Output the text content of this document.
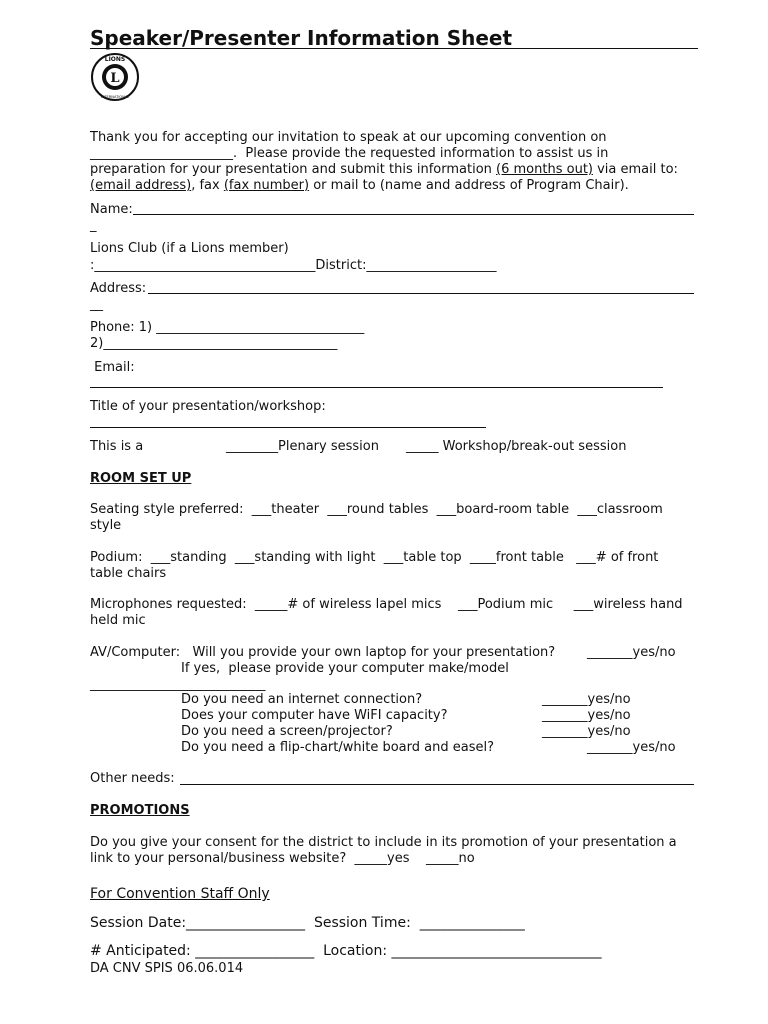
Speaker/Presenter Information Sheet
L
LIONS
INTERNATIONAL
Thank you for accepting our invitation to speak at our upcoming convention on
______________________.  Please provide the requested information to assist us in
preparation for your presentation and submit this information (6 months out) via email to:
(email address), fax (fax number) or mail to (name and address of Program Chair).
Name:
_
Lions Club (if a Lions member)
:__________________________________District:____________________
Address:
__
Phone: 1) ________________________________
2)____________________________________
Email:
Title of your presentation/workshop:
This is a	________Plenary session _____ Workshop/break-out session
ROOM SET UP
Seating style preferred:  ___theater  ___round tables  ___board-room table  ___classroom
style
Podium:  ___standing  ___standing with light  ___table top  ____front table   ___# of front
table chairs
Microphones requested:  _____# of wireless lapel mics    ___Podium mic     ___wireless hand
held mic
AV/Computer:   Will you provide your own laptop for your presentation? _______yes/no
If yes,  please provide your computer make/model
___________________________
Do you need an internet connection?	_______yes/no
Does your computer have WiFI capacity?	_______yes/no
Do you need a screen/projector?	_______yes/no
Do you need a flip-chart/white board and easel?	_______yes/no
Other needs:
PROMOTIONS
Do you give your consent for the district to include in its promotion of your presentation a
link to your personal/business website?  _____yes    _____no
For Convention Staff Only
Session Date:_________________  Session Time:  _______________
# Anticipated: _________________  Location: ______________________________
DA CNV SPIS 06.06.014
